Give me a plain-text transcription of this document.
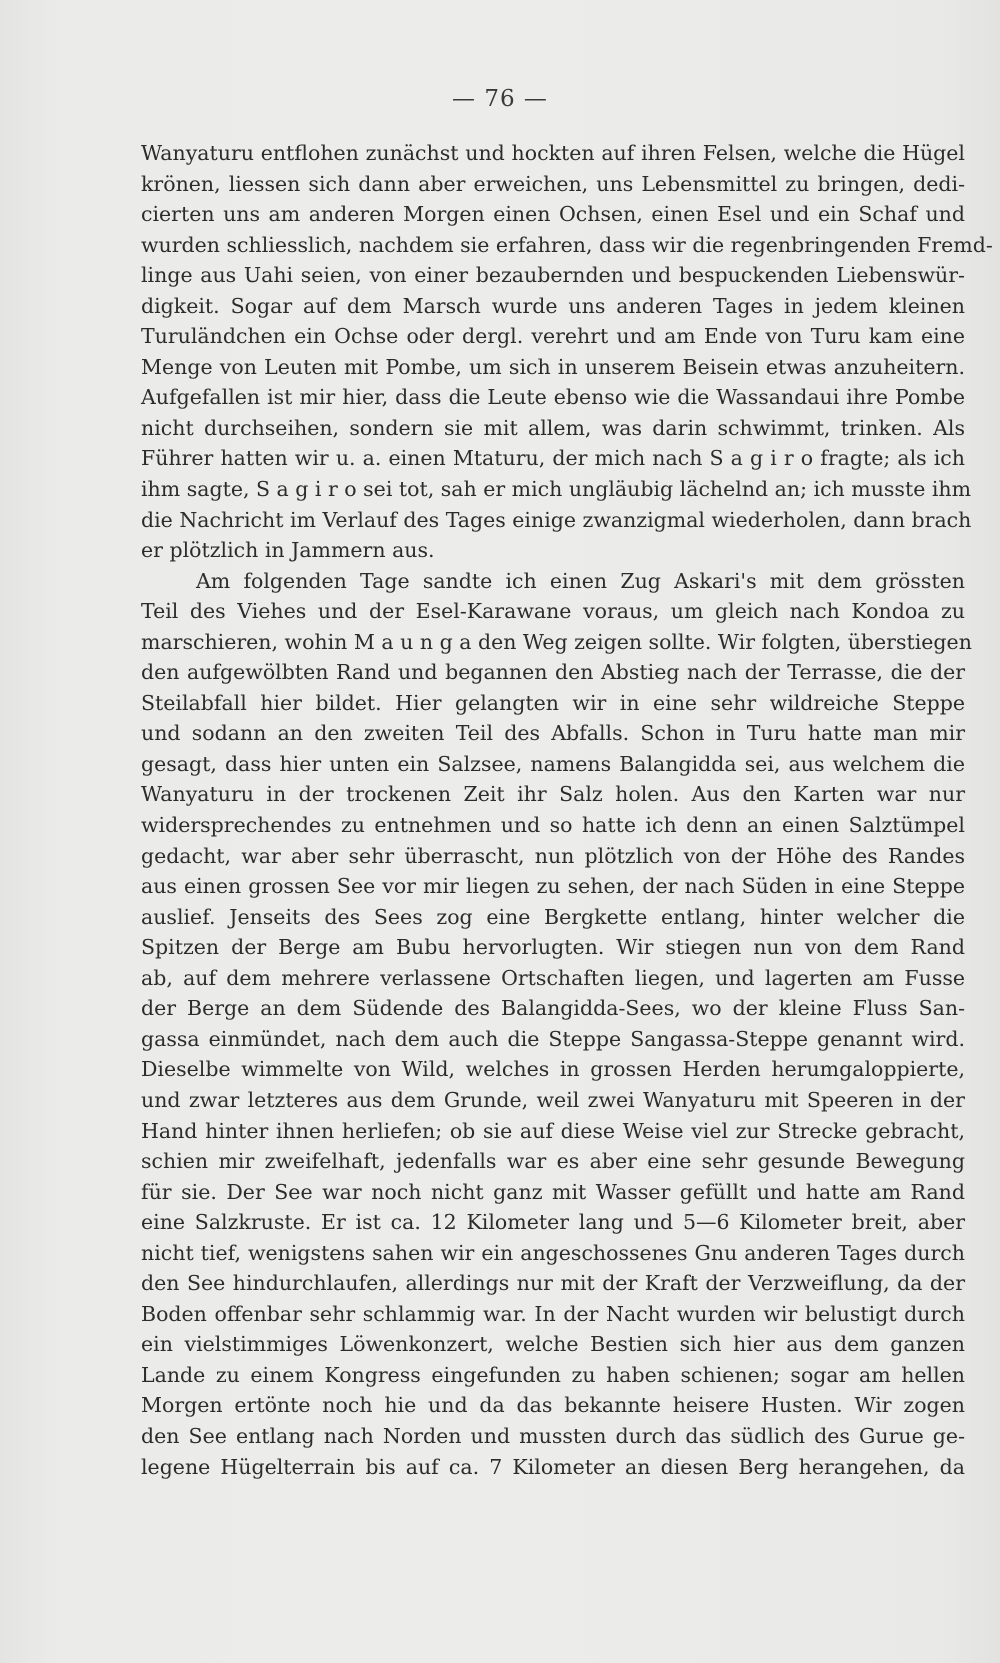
— 76 —
Wanyaturu entflohen zunächst und hockten auf ihren Felsen, welche die Hügel
krönen, liessen sich dann aber erweichen, uns Lebensmittel zu bringen, dedi-
cierten uns am anderen Morgen einen Ochsen, einen Esel und ein Schaf und
wurden schliesslich, nachdem sie erfahren, dass wir die regenbringenden Fremd-
linge aus Uahi seien, von einer bezaubernden und bespuckenden Liebenswür-
digkeit. Sogar auf dem Marsch wurde uns anderen Tages in jedem kleinen
Turuländchen ein Ochse oder dergl. verehrt und am Ende von Turu kam eine
Menge von Leuten mit Pombe, um sich in unserem Beisein etwas anzuheitern.
Aufgefallen ist mir hier, dass die Leute ebenso wie die Wassandaui ihre Pombe
nicht durchseihen, sondern sie mit allem, was darin schwimmt, trinken. Als
Führer hatten wir u. a. einen Mtaturu, der mich nach S a g i r o fragte; als ich
ihm sagte, S a g i r o sei tot, sah er mich ungläubig lächelnd an; ich musste ihm
die Nachricht im Verlauf des Tages einige zwanzigmal wiederholen, dann brach
er plötzlich in Jammern aus.
Am folgenden Tage sandte ich einen Zug Askari's mit dem grössten
Teil des Viehes und der Esel-Karawane voraus, um gleich nach Kondoa zu
marschieren, wohin M a u n g a den Weg zeigen sollte. Wir folgten, überstiegen
den aufgewölbten Rand und begannen den Abstieg nach der Terrasse, die der
Steilabfall hier bildet. Hier gelangten wir in eine sehr wildreiche Steppe
und sodann an den zweiten Teil des Abfalls. Schon in Turu hatte man mir
gesagt, dass hier unten ein Salzsee, namens Balangidda sei, aus welchem die
Wanyaturu in der trockenen Zeit ihr Salz holen. Aus den Karten war nur
widersprechendes zu entnehmen und so hatte ich denn an einen Salztümpel
gedacht, war aber sehr überrascht, nun plötzlich von der Höhe des Randes
aus einen grossen See vor mir liegen zu sehen, der nach Süden in eine Steppe
auslief. Jenseits des Sees zog eine Bergkette entlang, hinter welcher die
Spitzen der Berge am Bubu hervorlugten. Wir stiegen nun von dem Rand
ab, auf dem mehrere verlassene Ortschaften liegen, und lagerten am Fusse
der Berge an dem Südende des Balangidda-Sees, wo der kleine Fluss San-
gassa einmündet, nach dem auch die Steppe Sangassa-Steppe genannt wird.
Dieselbe wimmelte von Wild, welches in grossen Herden herumgaloppierte,
und zwar letzteres aus dem Grunde, weil zwei Wanyaturu mit Speeren in der
Hand hinter ihnen herliefen; ob sie auf diese Weise viel zur Strecke gebracht,
schien mir zweifelhaft, jedenfalls war es aber eine sehr gesunde Bewegung
für sie. Der See war noch nicht ganz mit Wasser gefüllt und hatte am Rand
eine Salzkruste. Er ist ca. 12 Kilometer lang und 5—6 Kilometer breit, aber
nicht tief, wenigstens sahen wir ein angeschossenes Gnu anderen Tages durch
den See hindurchlaufen, allerdings nur mit der Kraft der Verzweiflung, da der
Boden offenbar sehr schlammig war. In der Nacht wurden wir belustigt durch
ein vielstimmiges Löwenkonzert, welche Bestien sich hier aus dem ganzen
Lande zu einem Kongress eingefunden zu haben schienen; sogar am hellen
Morgen ertönte noch hie und da das bekannte heisere Husten. Wir zogen
den See entlang nach Norden und mussten durch das südlich des Gurue ge-
legene Hügelterrain bis auf ca. 7 Kilometer an diesen Berg herangehen, da
